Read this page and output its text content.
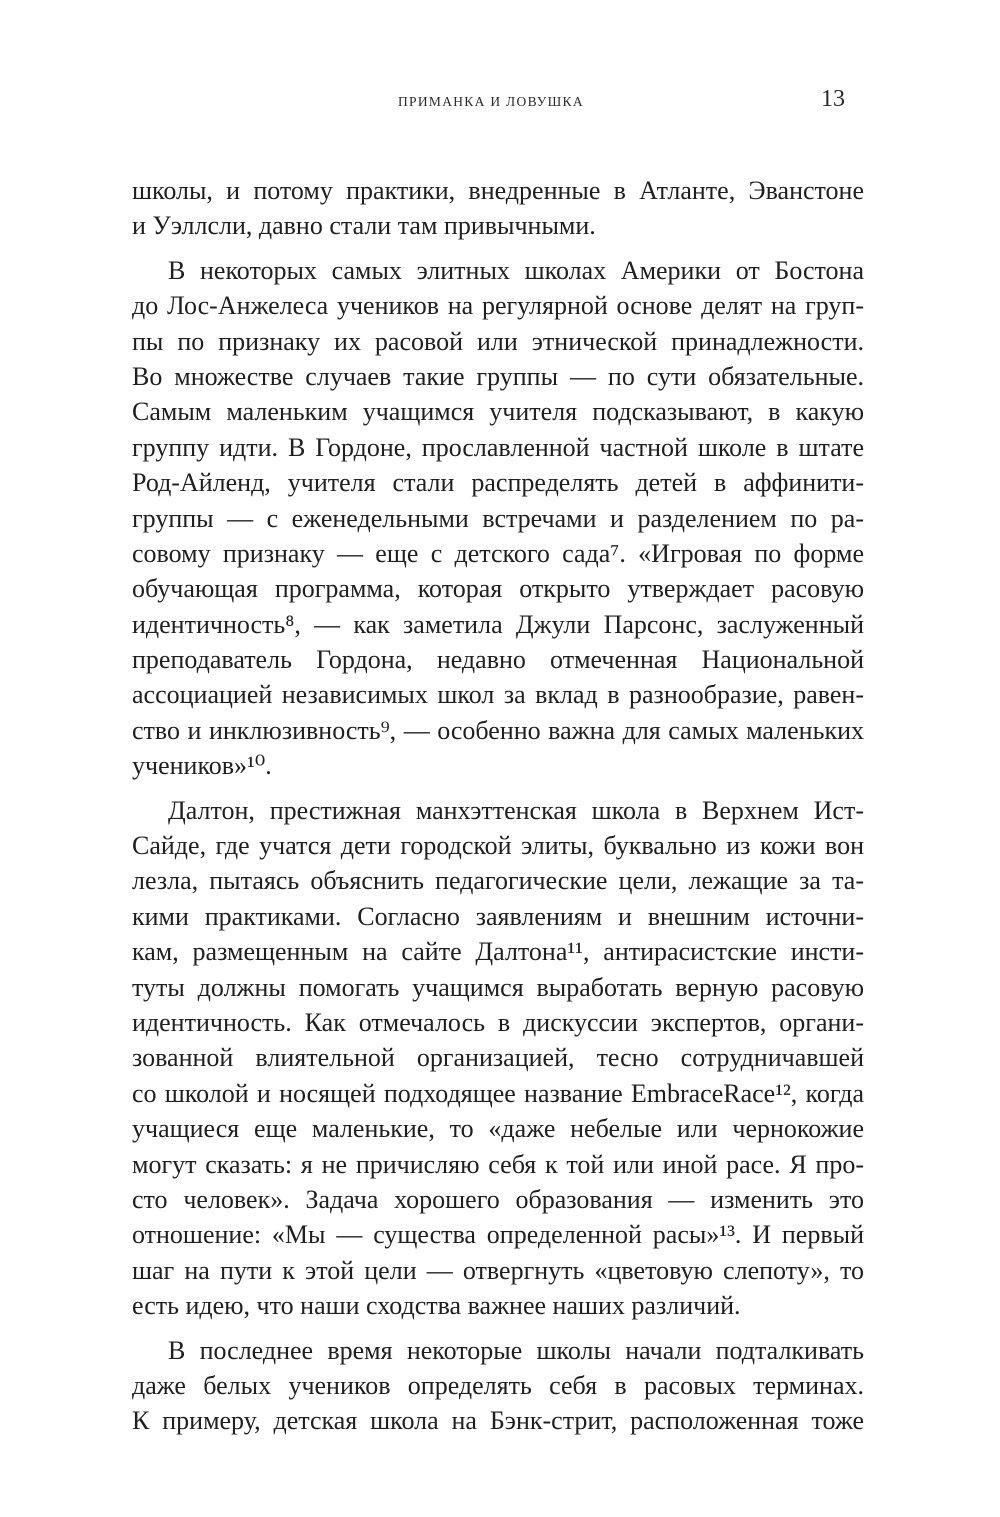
ПРИМАНКА И ЛОВУШКА	13
школы, и потому практики, внедренные в Атланте, Эванстоне
и Уэллсли, давно стали там привычными.
В некоторых самых элитных школах Америки от Бостона
до Лос-Анжелеса учеников на регулярной основе делят на груп-
пы по признаку их расовой или этнической принадлежности.
Во множестве случаев такие группы — по сути обязательные.
Самым маленьким учащимся учителя подсказывают, в какую
группу идти. В Гордоне, прославленной частной школе в штате
Род-Айленд, учителя стали распределять детей в аффинити-
группы — с еженедельными встречами и разделением по ра-
совому признаку — еще с детского сада⁷. «Игровая по форме
обучающая программа, которая открыто утверждает расовую
идентичность⁸, — как заметила Джули Парсонс, заслуженный
преподаватель Гордона, недавно отмеченная Национальной
ассоциацией независимых школ за вклад в разнообразие, равен-
ство и инклюзивность⁹, — особенно важна для самых маленьких
учеников»¹⁰.
Далтон, престижная манхэттенская школа в Верхнем Ист-
Сайде, где учатся дети городской элиты, буквально из кожи вон
лезла, пытаясь объяснить педагогические цели, лежащие за та-
кими практиками. Согласно заявлениям и внешним источни-
кам, размещенным на сайте Далтона¹¹, антирасистские инсти-
туты должны помогать учащимся выработать верную расовую
идентичность. Как отмечалось в дискуссии экспертов, органи-
зованной влиятельной организацией, тесно сотрудничавшей
со школой и носящей подходящее название EmbraceRace¹², когда
учащиеся еще маленькие, то «даже небелые или чернокожие
могут сказать: я не причисляю себя к той или иной расе. Я про-
сто человек». Задача хорошего образования — изменить это
отношение: «Мы — существа определенной расы»¹³. И первый
шаг на пути к этой цели — отвергнуть «цветовую слепоту», то
есть идею, что наши сходства важнее наших различий.
В последнее время некоторые школы начали подталкивать
даже белых учеников определять себя в расовых терминах.
К примеру, детская школа на Бэнк-стрит, расположенная тоже
